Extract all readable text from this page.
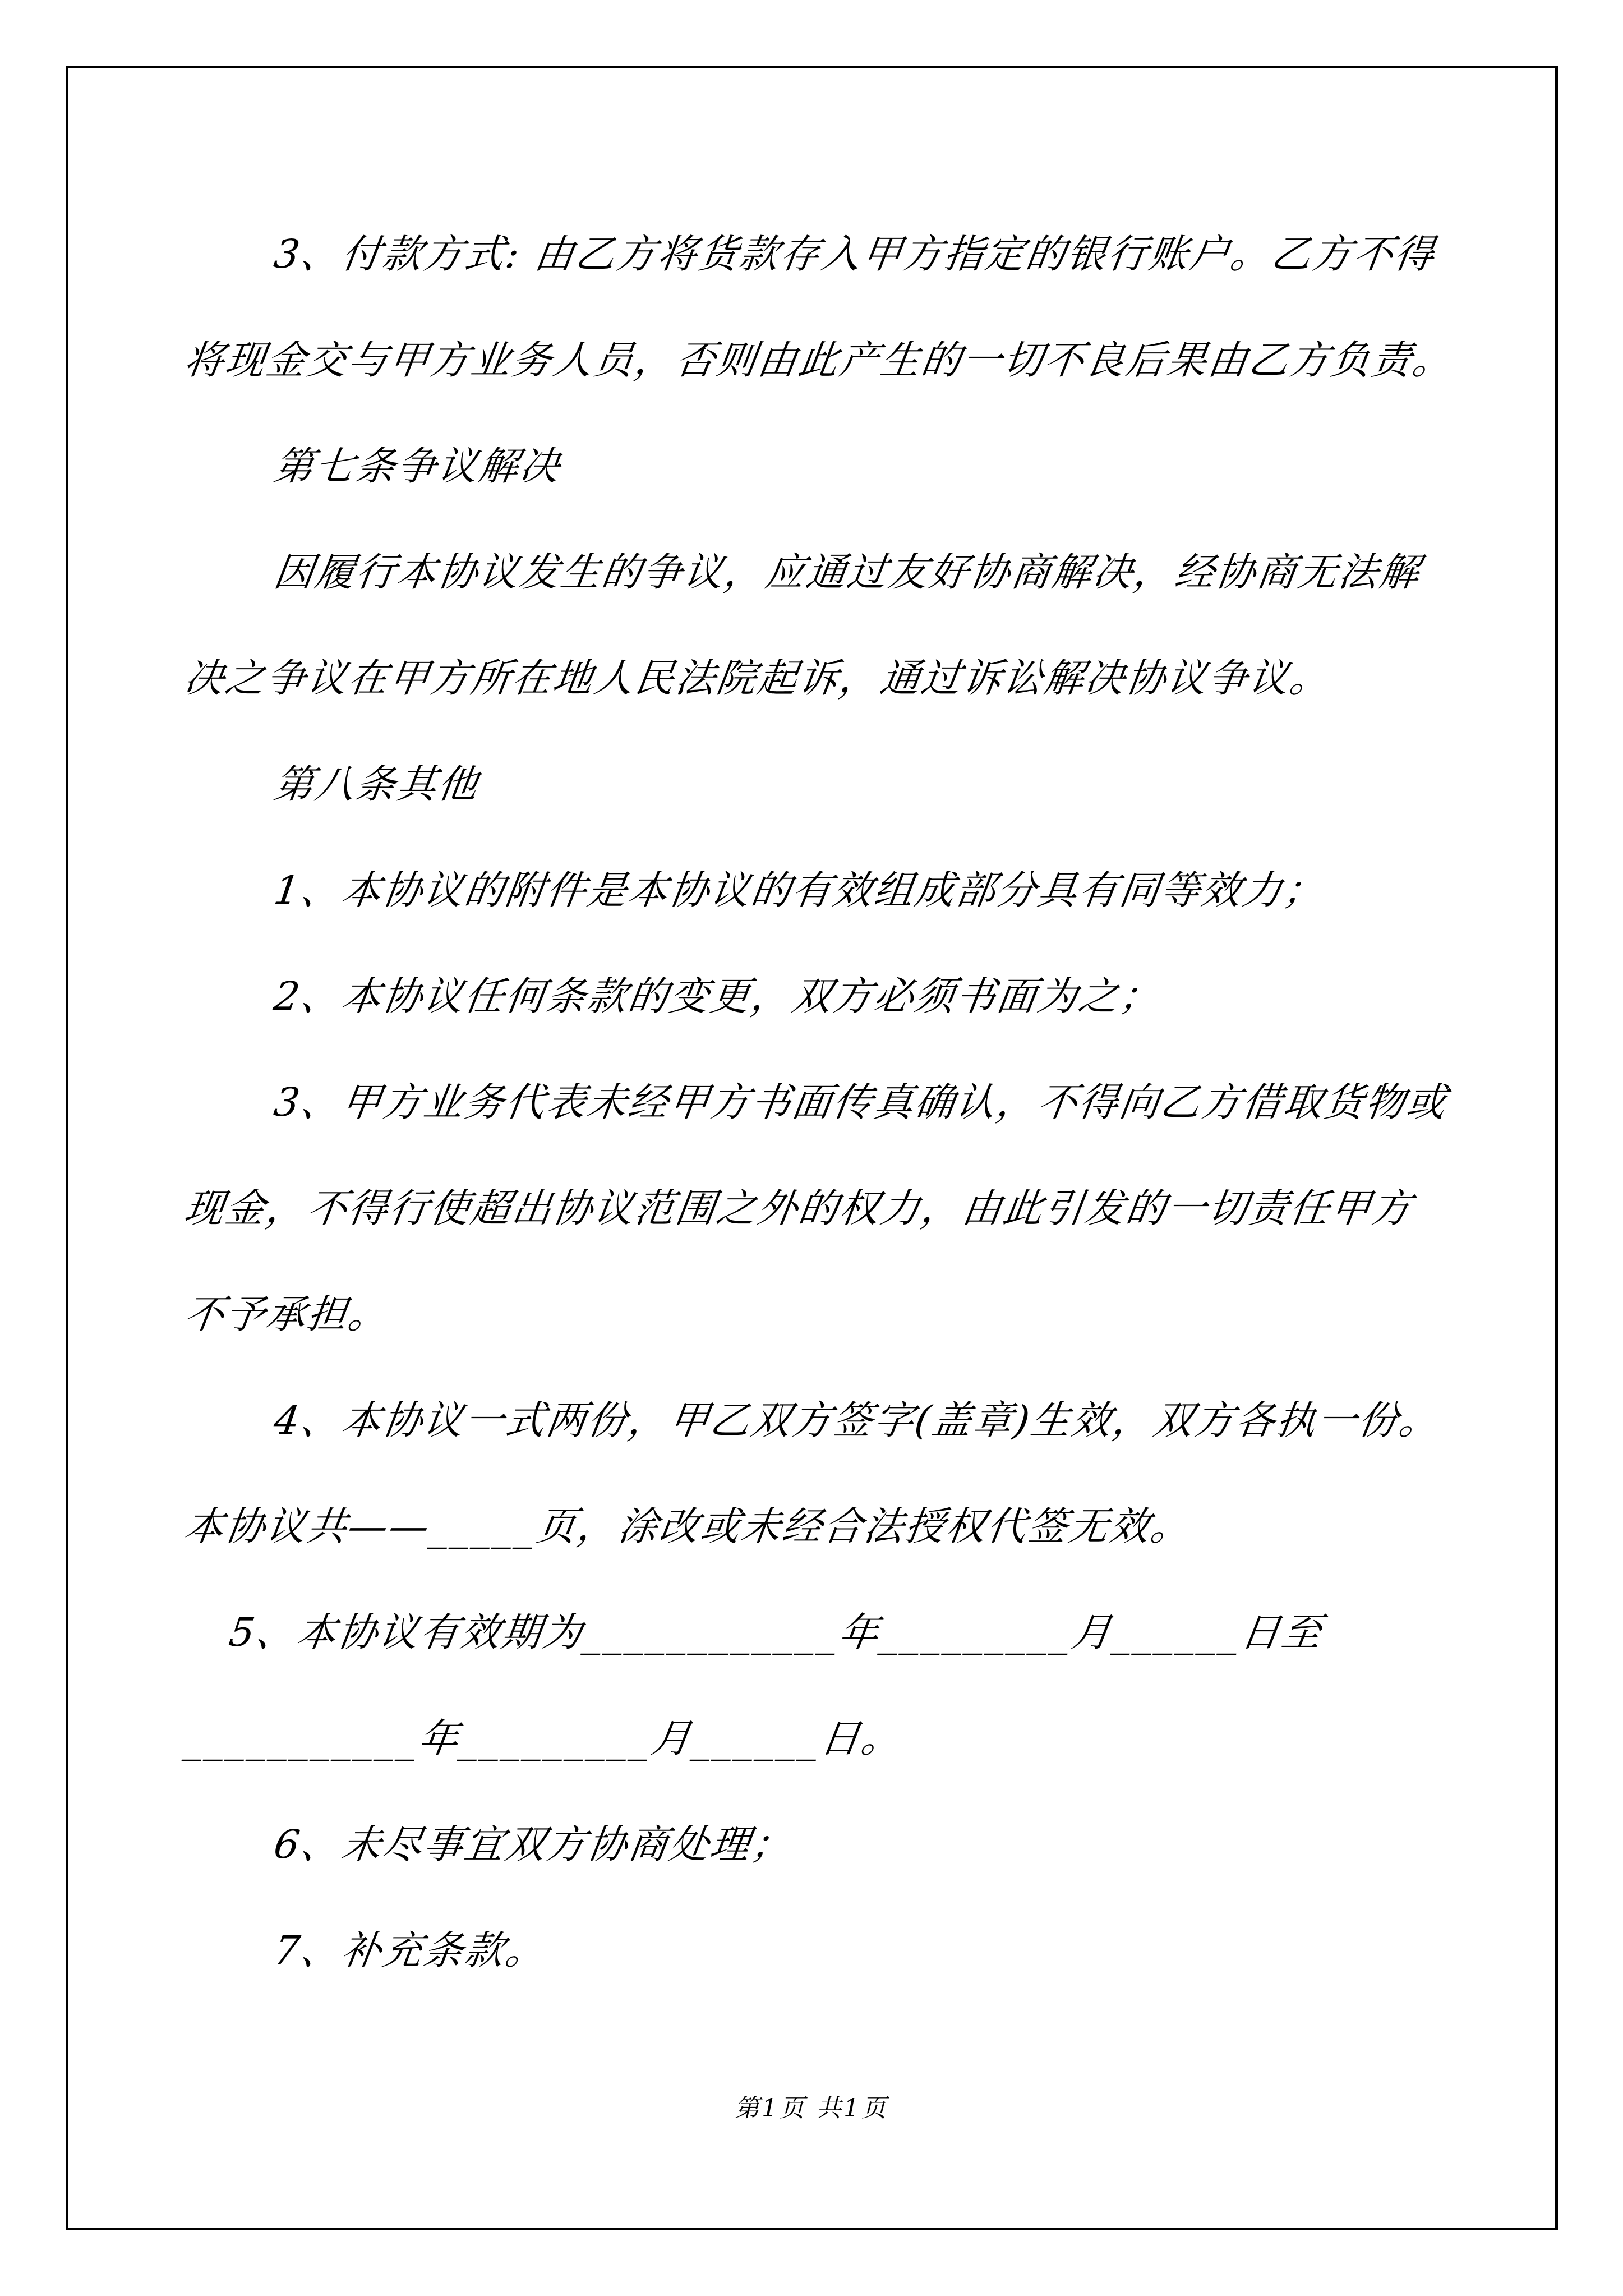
3、付款方式: 由乙方将货款存入甲方指定的银行账户。乙方不得
将现金交与甲方业务人员，否则由此产生的一切不良后果由乙方负责。
第七条争议解决
因履行本协议发生的争议，应通过友好协商解决，经协商无法解
决之争议在甲方所在地人民法院起诉，通过诉讼解决协议争议。
第八条其他
1、本协议的附件是本协议的有效组成部分具有同等效力；
2、本协议任何条款的变更，双方必须书面为之；
3、甲方业务代表未经甲方书面传真确认，不得向乙方借取货物或
现金，不得行使超出协议范围之外的权力，由此引发的一切责任甲方
不予承担。
4、本协议一式两份，甲乙双方签字(盖章)生效，双方各执一份。
本协议共——_____页，涂改或未经合法授权代签无效。
5、本协议有效期为____________年_________月______日至
___________年_________月______日。
6、未尽事宜双方协商处理；
7、补充条款。
第1页 共1页
